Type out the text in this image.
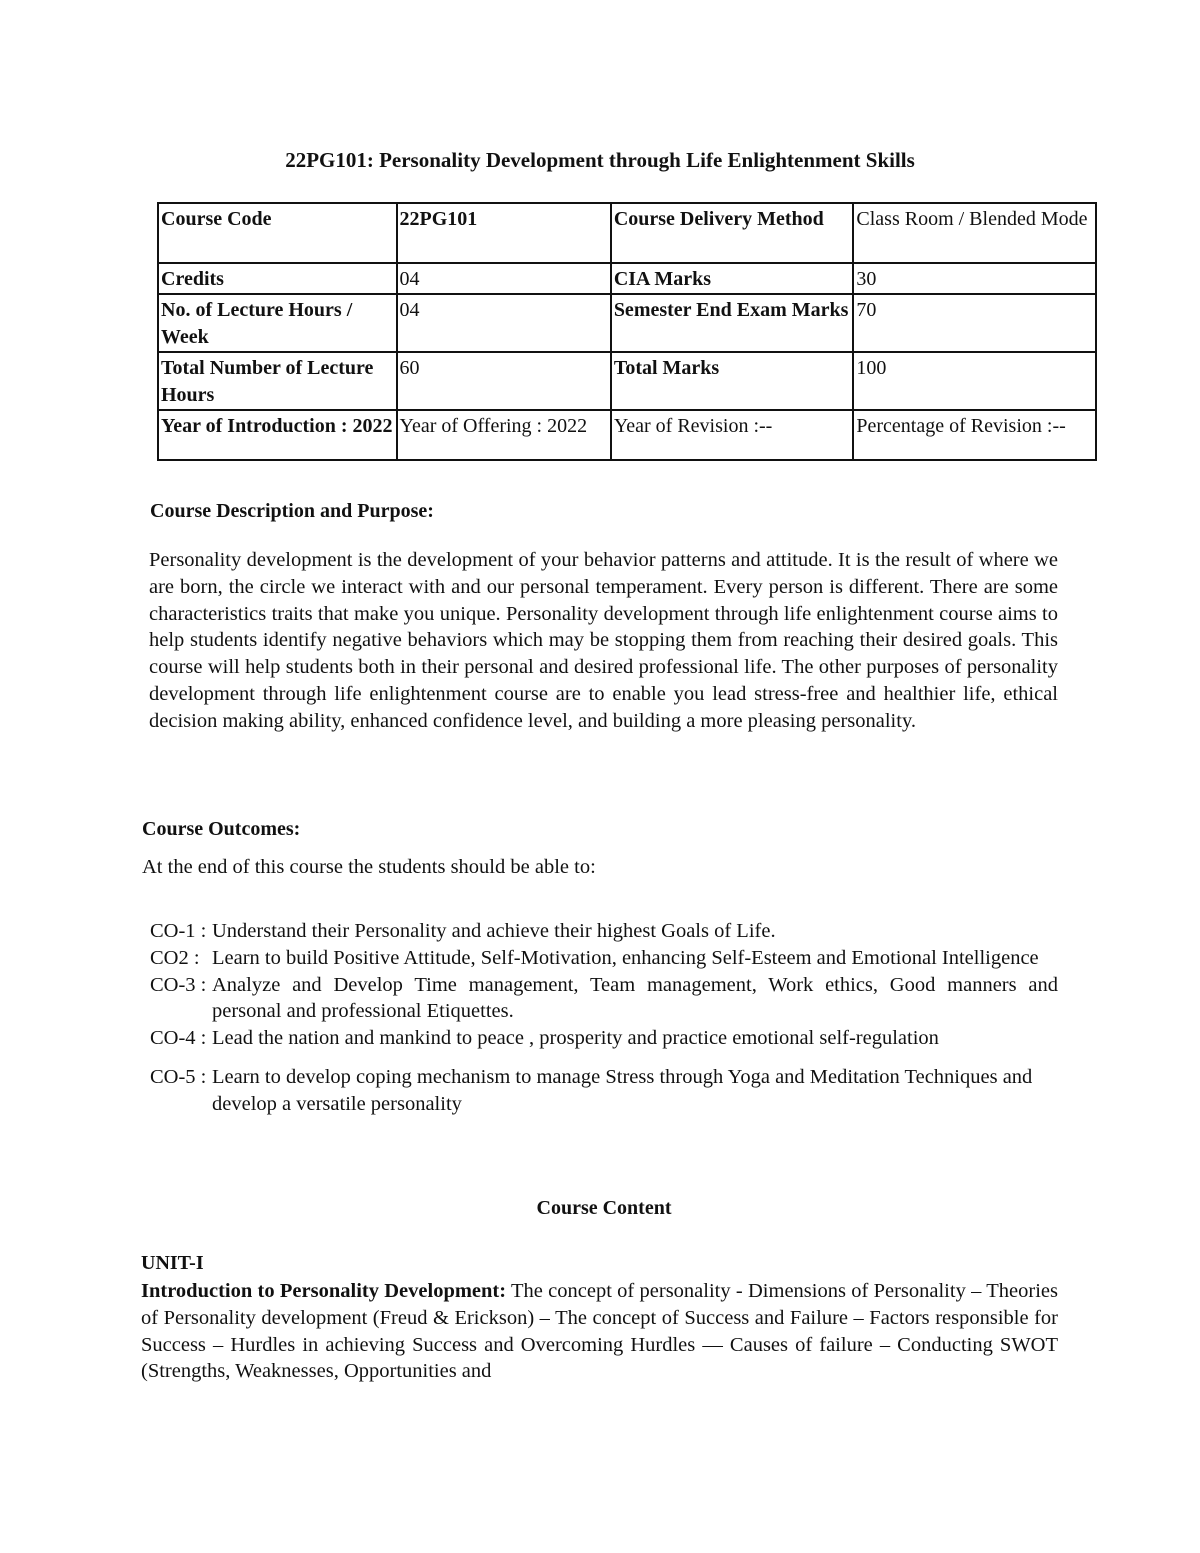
22PG101: Personality Development through Life Enlightenment Skills
Course Code	22PG101	Course Delivery Method	Class Room / Blended Mode
Credits	04	CIA Marks	30
No. of Lecture Hours / Week	04	Semester End Exam Marks	70
Total Number of Lecture Hours	60	Total Marks	100
Year of Introduction : 2022	Year of Offering : 2022	Year of Revision :--	Percentage of Revision :--
Course Description and Purpose:
Personality development is the development of your behavior patterns and attitude. It is the result of where we are born, the circle we interact with and our personal temperament. Every person is different. There are some characteristics traits that make you unique. Personality development through life enlightenment course aims to help students identify negative behaviors which may be stopping them from reaching their desired goals. This course will help students both in their personal and desired professional life. The other purposes of personality development through life enlightenment course are to enable you lead stress-free and healthier life, ethical decision making ability, enhanced confidence level, and building a more pleasing personality.
Course Outcomes:
At the end of this course the students should be able to:
CO-1 : Understand their Personality and achieve their highest Goals of Life.
CO2 : Learn to build Positive Attitude, Self-Motivation, enhancing Self-Esteem and Emotional Intelligence
CO-3 : Analyze and Develop Time management, Team management, Work ethics, Good manners and personal and professional Etiquettes.
CO-4 : Lead the nation and mankind to peace , prosperity and practice emotional self-regulation
CO-5 : Learn to develop coping mechanism to manage Stress through Yoga and Meditation Techniques and develop a versatile personality
Course Content
UNIT-I
Introduction to Personality Development: The concept of personality - Dimensions of Personality – Theories of Personality development (Freud & Erickson) – The concept of Success and Failure – Factors responsible for Success – Hurdles in achieving Success and Overcoming Hurdles — Causes of failure – Conducting SWOT (Strengths, Weaknesses, Opportunities and
